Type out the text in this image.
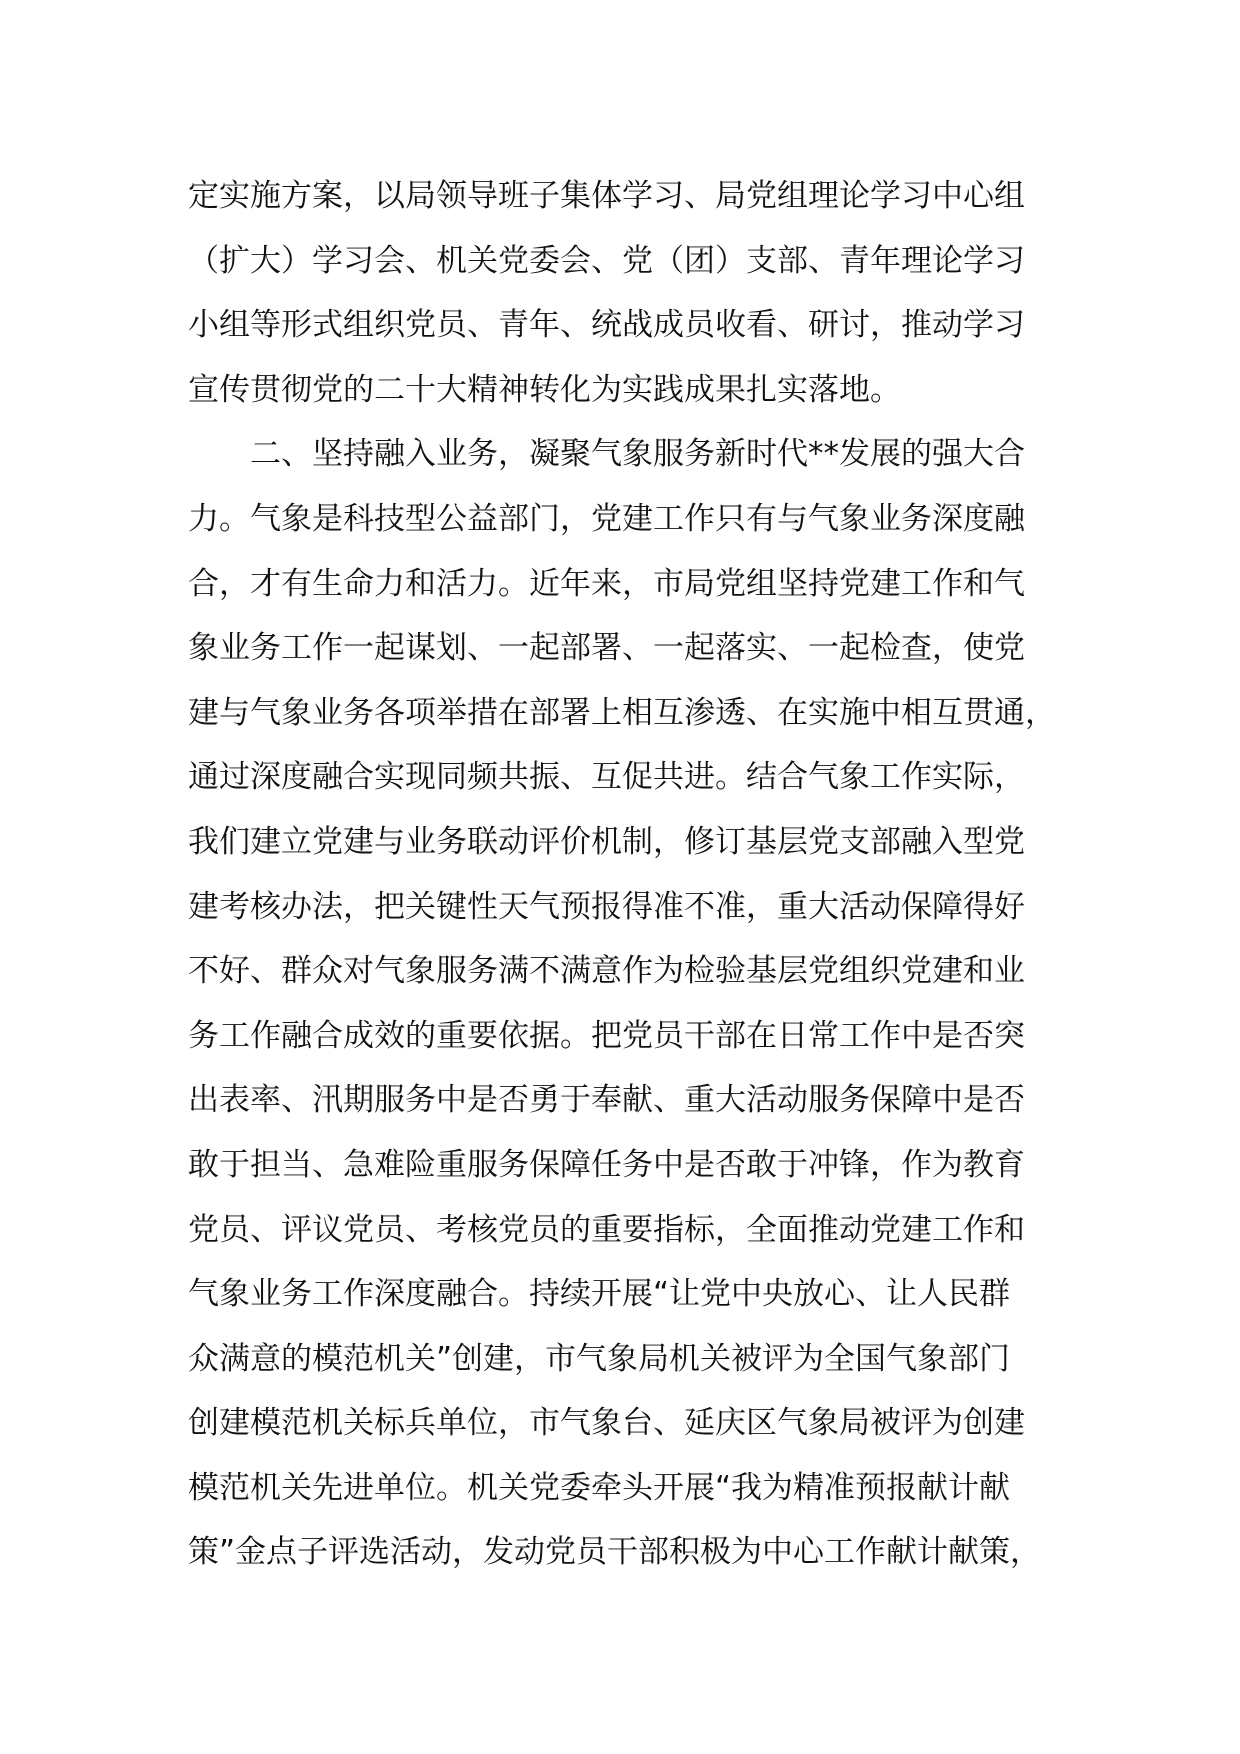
定实施方案，以局领导班子集体学习、局党组理论学习中心组
（扩大）学习会、机关党委会、党（团）支部、青年理论学习
小组等形式组织党员、青年、统战成员收看、研讨，推动学习
宣传贯彻党的二十大精神转化为实践成果扎实落地。
二、坚持融入业务，凝聚气象服务新时代**发展的强大合
力。气象是科技型公益部门，党建工作只有与气象业务深度融
合，才有生命力和活力。近年来，市局党组坚持党建工作和气
象业务工作一起谋划、一起部署、一起落实、一起检查，使党
建与气象业务各项举措在部署上相互渗透、在实施中相互贯通，
通过深度融合实现同频共振、互促共进。结合气象工作实际，
我们建立党建与业务联动评价机制，修订基层党支部融入型党
建考核办法，把关键性天气预报得准不准，重大活动保障得好
不好、群众对气象服务满不满意作为检验基层党组织党建和业
务工作融合成效的重要依据。把党员干部在日常工作中是否突
出表率、汛期服务中是否勇于奉献、重大活动服务保障中是否
敢于担当、急难险重服务保障任务中是否敢于冲锋，作为教育
党员、评议党员、考核党员的重要指标，全面推动党建工作和
气象业务工作深度融合。持续开展“让党中央放心、让人民群
众满意的模范机关”创建，市气象局机关被评为全国气象部门
创建模范机关标兵单位，市气象台、延庆区气象局被评为创建
模范机关先进单位。机关党委牵头开展“我为精准预报献计献
策”金点子评选活动，发动党员干部积极为中心工作献计献策，
